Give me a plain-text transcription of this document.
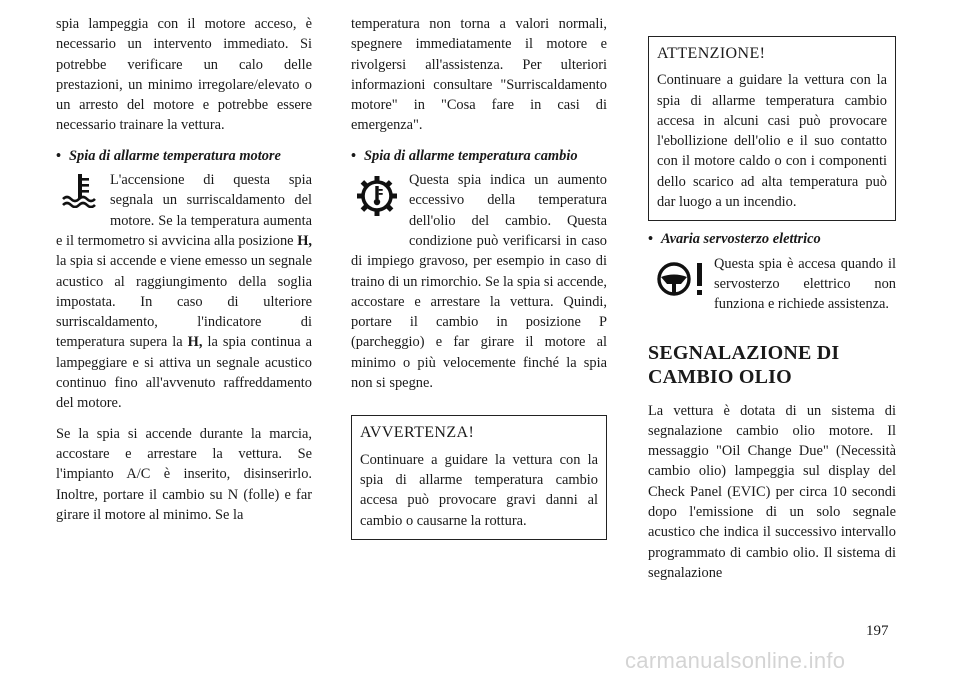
spia lampeggia con il motore acceso, è necessario un intervento immediato. Si potrebbe verificare un calo delle prestazioni, un minimo irregolare/elevato o un arresto del motore e potrebbe essere necessario trainare la vettura.

• Spia di allarme temperatura motore
L'accensione di questa spia segnala un surriscaldamento del motore. Se la temperatura aumenta e il termometro si avvicina alla posizione H, la spia si accende e viene emesso un segnale acustico al raggiungimento della soglia impostata. In caso di ulteriore surriscaldamento, l'indicatore di temperatura supera la H, la spia continua a lampeggiare e si attiva un segnale acustico continuo fino all'avvenuto raffreddamento del motore.

Se la spia si accende durante la marcia, accostare e arrestare la vettura. Se l'impianto A/C è inserito, disinserirlo. Inoltre, portare il cambio su N (folle) e far girare il motore al minimo. Se la

temperatura non torna a valori normali, spegnere immediatamente il motore e rivolgersi all'assistenza. Per ulteriori informazioni consultare "Surriscaldamento motore" in "Cosa fare in casi di emergenza".

• Spia di allarme temperatura cambio
Questa spia indica un aumento eccessivo della temperatura dell'olio del cambio. Questa condizione può verificarsi in caso di impiego gravoso, per esempio in caso di traino di un rimorchio. Se la spia si accende, accostare e arrestare la vettura. Quindi, portare il cambio in posizione P (parcheggio) e far girare il motore al minimo o più velocemente finché la spia non si spegne.
AVVERTENZA!

Continuare a guidare la vettura con la spia di allarme temperatura cambio accesa può provocare gravi danni al cambio o causarne la rottura.

ATTENZIONE!

Continuare a guidare la vettura con la spia di allarme temperatura cambio accesa in alcuni casi può provocare l'ebollizione dell'olio e il suo contatto con il motore caldo o con i componenti dello scarico ad alta temperatura può dar luogo a un incendio.

• Avaria servosterzo elettrico
Questa spia è accesa quando il servosterzo elettrico non funziona e richiede assistenza.
SEGNALAZIONE DI CAMBIO OLIO

La vettura è dotata di un sistema di segnalazione cambio olio motore. Il messaggio "Oil Change Due" (Necessità cambio olio) lampeggia sul display del Check Panel (EVIC) per circa 10 secondi dopo l'emissione di un solo segnale acustico che indica il successivo intervallo programmato di cambio olio. Il sistema di segnalazione

197
carmanualsonline.info
